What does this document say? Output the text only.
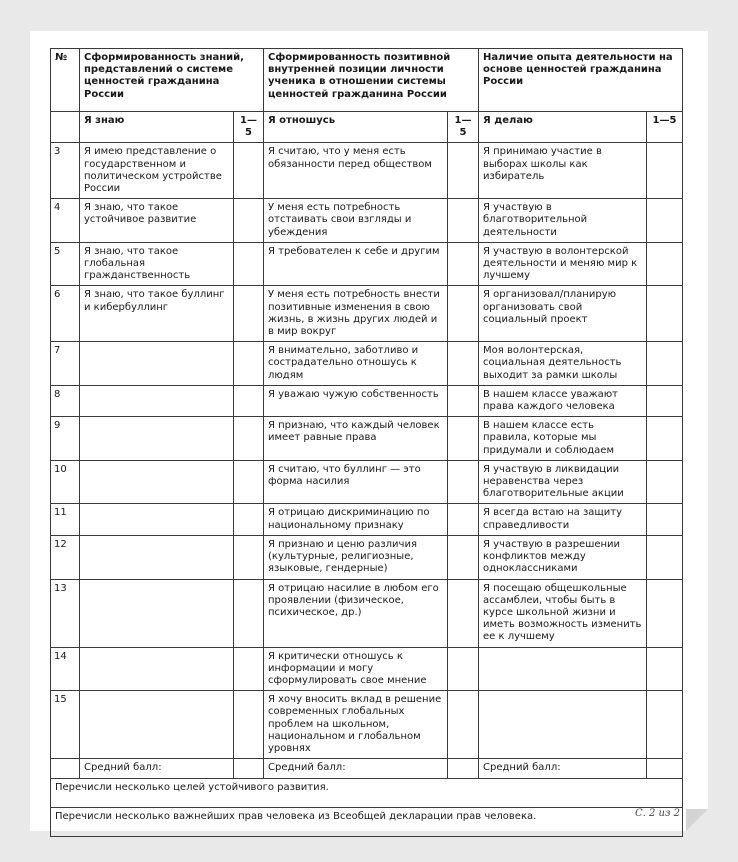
№	Сформированность знаний, представлений о системе ценностей гражданина России		Сформированность позитивной внутренней позиции личности ученика в отношении системы ценностей гражданина России		Наличие опыта деятельности на основе ценностей гражданина России	
	Я знаю	1—5	Я отношусь	1—5	Я делаю	1—5
3	Я имею представление о государственном и политическом устройстве России		Я считаю, что у меня есть обязанности перед обществом		Я принимаю участие в выборах школы как избиратель	
4	Я знаю, что такое устойчивое развитие		У меня есть потребность отстаивать свои взгляды и убеждения		Я участвую в благотворительной деятельности	
5	Я знаю, что такое глобальная гражданственность		Я требователен к себе и другим		Я участвую в волонтерской деятельности и меняю мир к лучшему	
6	Я знаю, что такое буллинг и кибербуллинг		У меня есть потребность внести позитивные изменения в свою жизнь, в жизнь других людей и в мир вокруг		Я организовал/планирую организовать свой социальный проект	
7			Я внимательно, заботливо и сострадательно отношусь к людям		Моя волонтерская, социальная деятельность выходит за рамки школы	
8			Я уважаю чужую собственность		В нашем классе уважают права каждого человека	
9			Я признаю, что каждый человек имеет равные права		В нашем классе есть правила, которые мы придумали и соблюдаем	
10			Я считаю, что буллинг — это форма насилия		Я участвую в ликвидации неравенства через благотворительные акции	
11			Я отрицаю дискриминацию по национальному признаку		Я всегда встаю на защиту справедливости	
12			Я признаю и ценю различия (культурные, религиозные, языковые, гендерные)		Я участвую в разрешении конфликтов между одноклассниками	
13			Я отрицаю насилие в любом его проявлении (физическое, психическое, др.)		Я посещаю общешкольные ассамблеи, чтобы быть в курсе школьной жизни и иметь возможность изменить ее к лучшему	
14			Я критически отношусь к информации и могу сформулировать свое мнение			
15			Я хочу вносить вклад в решение современных глобальных проблем на школьном, национальном и глобальном уровнях			
	Средний балл:		Средний балл:		Средний балл:	
Перечисли несколько целей устойчивого развития.						
Перечисли несколько важнейших прав человека из Всеобщей декларации прав человека.							С. 2 из 2
